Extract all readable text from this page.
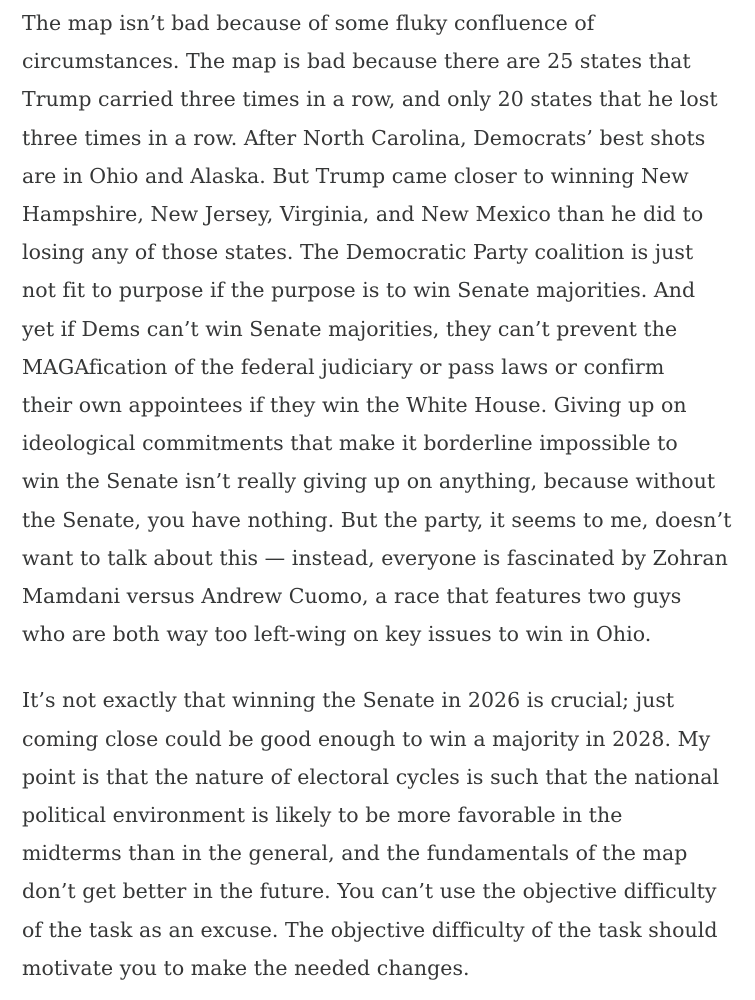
The map isn’t bad because of some fluky confluence of
circumstances. The map is bad because there are 25 states that
Trump carried three times in a row, and only 20 states that he lost
three times in a row. After North Carolina, Democrats’ best shots
are in Ohio and Alaska. But Trump came closer to winning New
Hampshire, New Jersey, Virginia, and New Mexico than he did to
losing any of those states. The Democratic Party coalition is just
not fit to purpose if the purpose is to win Senate majorities. And
yet if Dems can’t win Senate majorities, they can’t prevent the
MAGAfication of the federal judiciary or pass laws or confirm
their own appointees if they win the White House. Giving up on
ideological commitments that make it borderline impossible to
win the Senate isn’t really giving up on anything, because without
the Senate, you have nothing. But the party, it seems to me, doesn’t
want to talk about this — instead, everyone is fascinated by Zohran
Mamdani versus Andrew Cuomo, a race that features two guys
who are both way too left-wing on key issues to win in Ohio.

It’s not exactly that winning the Senate in 2026 is crucial; just
coming close could be good enough to win a majority in 2028. My
point is that the nature of electoral cycles is such that the national
political environment is likely to be more favorable in the
midterms than in the general, and the fundamentals of the map
don’t get better in the future. You can’t use the objective difficulty
of the task as an excuse. The objective difficulty of the task should
motivate you to make the needed changes.
